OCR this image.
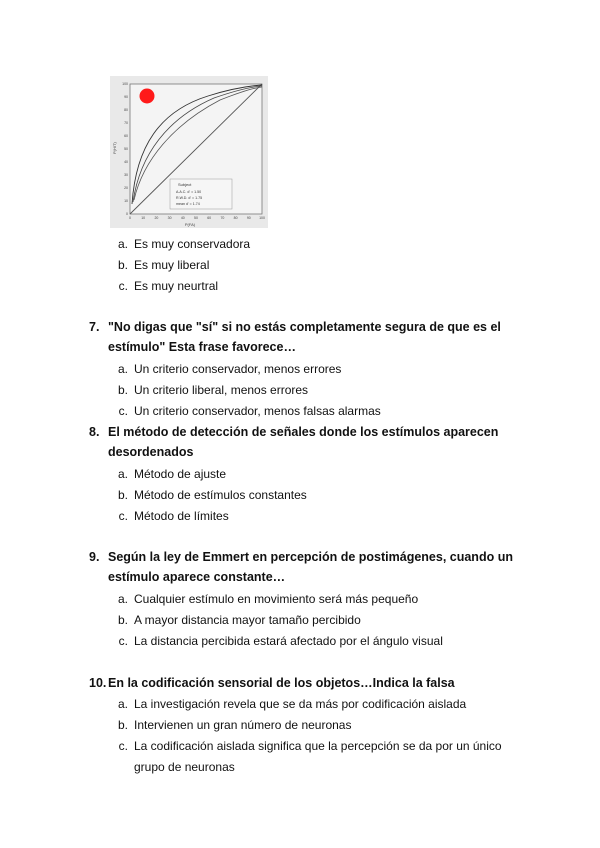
0
0
10
10
20
20
30
30
40
40
50
50
60
60
70
70
80
80
90
90
100
100
P(HIT)
P(FA)
Subject
A.A.C. d' = 1.50
R.W.D. d' = 1.75
mean d' = 1.74
a. Es muy conservadora
b. Es muy liberal
c. Es muy neurtral
7. "No digas que "sí" si no estás completamente segura de que es el
estímulo" Esta frase favorece…
a. Un criterio conservador, menos errores
b. Un criterio liberal, menos errores
c. Un criterio conservador, menos falsas alarmas
8. El método de detección de señales donde los estímulos aparecen
desordenados
a. Método de ajuste
b. Método de estímulos constantes
c. Método de límites
9. Según la ley de Emmert en percepción de postimágenes, cuando un
estímulo aparece constante…
a. Cualquier estímulo en movimiento será más pequeño
b. A mayor distancia mayor tamaño percibido
c. La distancia percibida estará afectado por el ángulo visual
10. En la codificación sensorial de los objetos…Indica la falsa
a. La investigación revela que se da más por codificación aislada
b. Intervienen un gran número de neuronas
c. La codificación aislada significa que la percepción se da por un único
grupo de neuronas
